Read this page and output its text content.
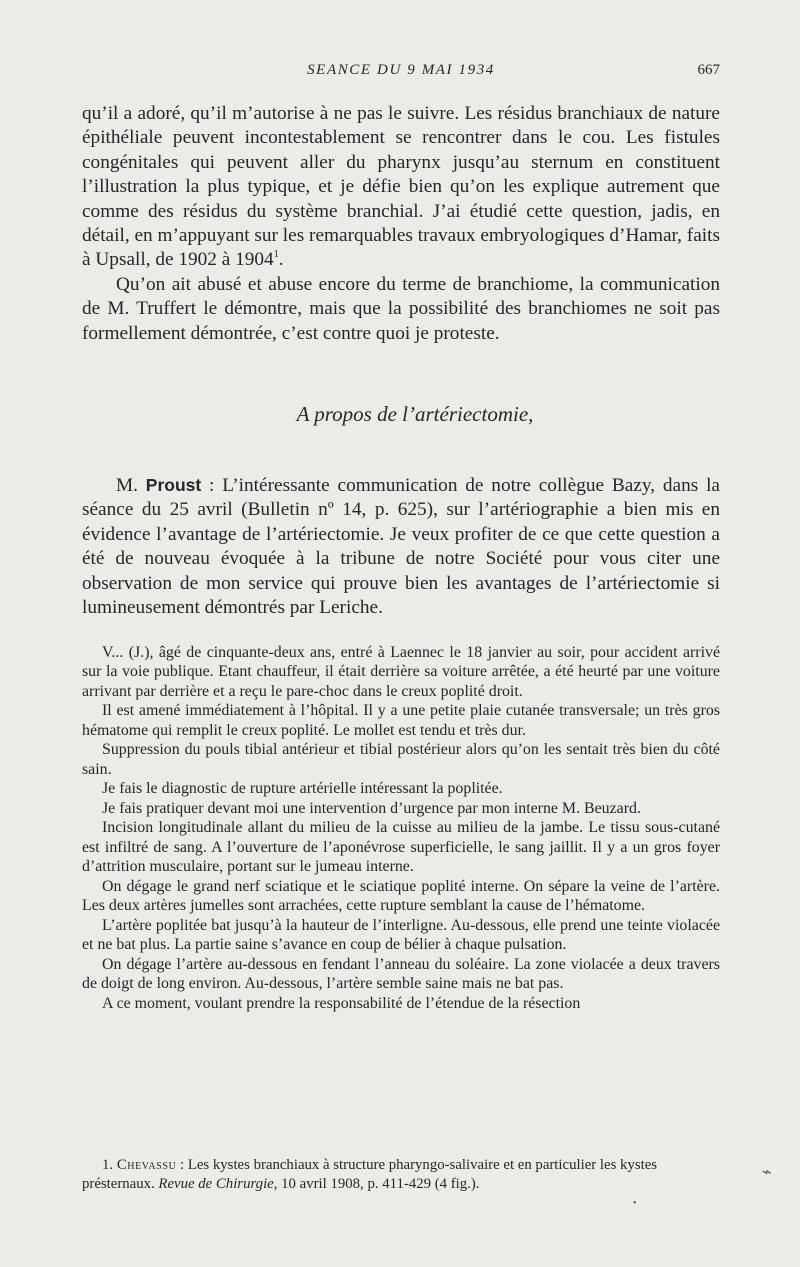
SEANCE DU 9 MAI 1934	667

qu’il a adoré, qu’il m’autorise à ne pas le suivre. Les résidus branchiaux de nature épithéliale peuvent incontestablement se rencontrer dans le cou. Les fistules congénitales qui peuvent aller du pharynx jusqu’au sternum en constituent l’illustration la plus typique, et je défie bien qu’on les explique autrement que comme des résidus du système branchial. J’ai étudié cette question, jadis, en détail, en m’appuyant sur les remarquables travaux embryologiques d’Hamar, faits à Upsall, de 1902 à 1904$^1$.

Qu’on ait abusé et abuse encore du terme de branchiome, la communication de M. Truffert le démontre, mais que la possibilité des branchiomes ne soit pas formellement démontrée, c’est contre quoi je proteste.

A propos de l’artériectomie,

M. Proust : L’intéressante communication de notre collègue Bazy, dans la séance du 25 avril (Bulletin nº 14, p. 625), sur l’artériographie a bien mis en évidence l’avantage de l’artériectomie. Je veux profiter de ce que cette question a été de nouveau évoquée à la tribune de notre Société pour vous citer une observation de mon service qui prouve bien les avantages de l’artériectomie si lumineusement démontrés par Leriche.

V... (J.), âgé de cinquante-deux ans, entré à Laennec le 18 janvier au soir, pour accident arrivé sur la voie publique. Etant chauffeur, il était derrière sa voiture arrêtée, a été heurté par une voiture arrivant par derrière et a reçu le pare-choc dans le creux poplité droit.

Il est amené immédiatement à l’hôpital. Il y a une petite plaie cutanée transversale; un très gros hématome qui remplit le creux poplité. Le mollet est tendu et très dur.

Suppression du pouls tibial antérieur et tibial postérieur alors qu’on les sentait très bien du côté sain.

Je fais le diagnostic de rupture artérielle intéressant la poplitée.

Je fais pratiquer devant moi une intervention d’urgence par mon interne M. Beuzard.

Incision longitudinale allant du milieu de la cuisse au milieu de la jambe. Le tissu sous-cutané est infiltré de sang. A l’ouverture de l’aponévrose superficielle, le sang jaillit. Il y a un gros foyer d’attrition musculaire, portant sur le jumeau interne.

On dégage le grand nerf sciatique et le sciatique poplité interne. On sépare la veine de l’artère. Les deux artères jumelles sont arrachées, cette rupture semblant la cause de l’hématome.

L’artère poplitée bat jusqu’à la hauteur de l’interligne. Au-dessous, elle prend une teinte violacée et ne bat plus. La partie saine s’avance en coup de bélier à chaque pulsation.

On dégage l’artère au-dessous en fendant l’anneau du soléaire. La zone violacée a deux travers de doigt de long environ. Au-dessous, l’artère semble saine mais ne bat pas.

A ce moment, voulant prendre la responsabilité de l’étendue de la résection

1. Chevassu : Les kystes branchiaux à structure pharyngo-salivaire et en particulier les kystes présternaux. Revue de Chirurgie, 10 avril 1908, p. 411-429 (4 fig.).

⌁
•
